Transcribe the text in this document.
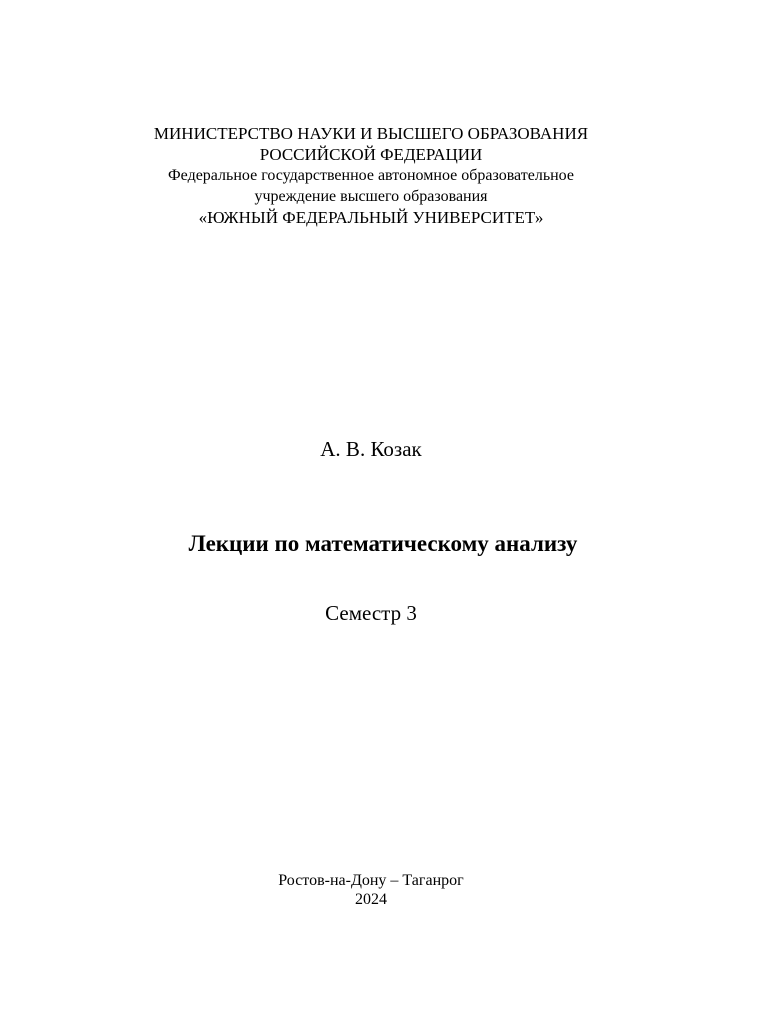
МИНИСТЕРСТВО НАУКИ И ВЫСШЕГО ОБРАЗОВАНИЯ
РОССИЙСКОЙ ФЕДЕРАЦИИ
Федеральное государственное автономное образовательное
учреждение высшего образования
«ЮЖНЫЙ ФЕДЕРАЛЬНЫЙ УНИВЕРСИТЕТ»
А. В. Козак
Лекции по математическому анализу
Семестр 3
Ростов-на-Дону – Таганрог
2024
